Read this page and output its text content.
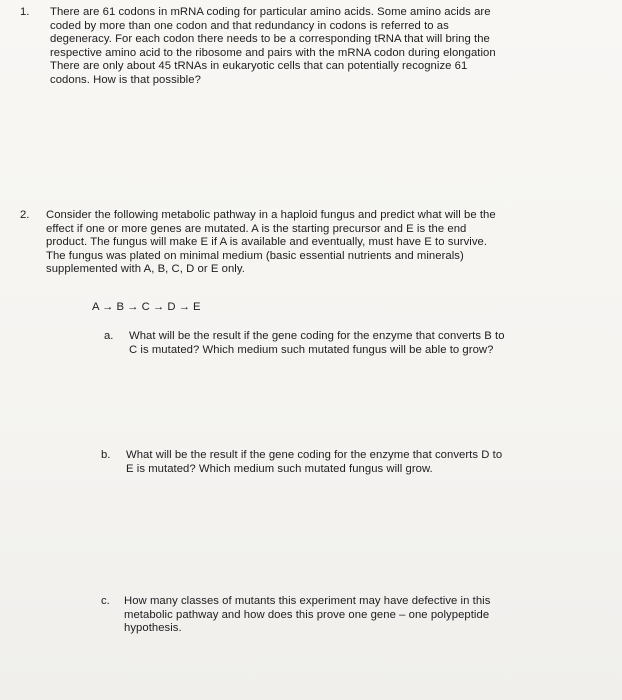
1. There are 61 codons in mRNA coding for particular amino acids. Some amino acids are
coded by more than one codon and that redundancy in codons is referred to as
degeneracy. For each codon there needs to be a corresponding tRNA that will bring the
respective amino acid to the ribosome and pairs with the mRNA codon during elongation
There are only about 45 tRNAs in eukaryotic cells that can potentially recognize 61
codons. How is that possible?
2. Consider the following metabolic pathway in a haploid fungus and predict what will be the
effect if one or more genes are mutated. A is the starting precursor and E is the end
product. The fungus will make E if A is available and eventually, must have E to survive.
The fungus was plated on minimal medium (basic essential nutrients and minerals)
supplemented with A, B, C, D or E only.
A → B → C → D → E
a. What will be the result if the gene coding for the enzyme that converts B to
C is mutated? Which medium such mutated fungus will be able to grow?
b. What will be the result if the gene coding for the enzyme that converts D to
E is mutated? Which medium such mutated fungus will grow.
c. How many classes of mutants this experiment may have defective in this
metabolic pathway and how does this prove one gene – one polypeptide
hypothesis.
